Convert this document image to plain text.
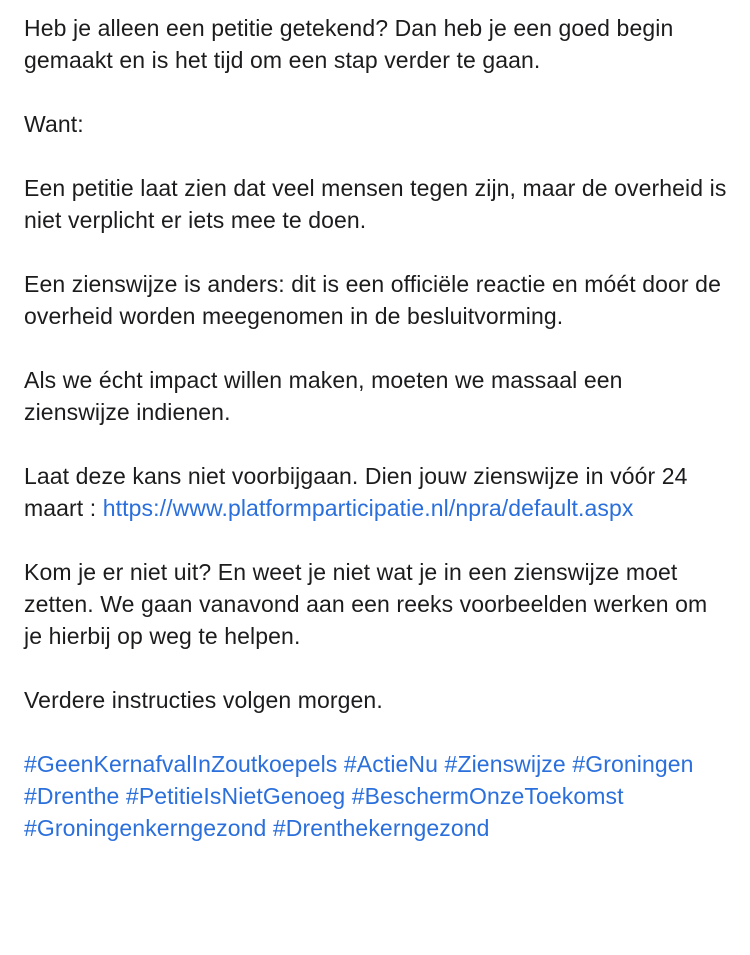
Heb je alleen een petitie getekend? Dan heb je een goed begin gemaakt en is het tijd om een stap verder te gaan.

Want:

Een petitie laat zien dat veel mensen tegen zijn, maar de overheid is niet verplicht er iets mee te doen.

Een zienswijze is anders: dit is een officiële reactie en móét door de overheid worden meegenomen in de besluitvorming.

Als we écht impact willen maken, moeten we massaal een zienswijze indienen.

Laat deze kans niet voorbijgaan. Dien jouw zienswijze in vóór 24 maart : https://www.platformparticipatie.nl/npra/default.aspx

Kom je er niet uit? En weet je niet wat je in een zienswijze moet zetten. We gaan vanavond aan een reeks voorbeelden werken om je hierbij op weg te helpen.

Verdere instructies volgen morgen.

#GeenKernafvalInZoutkoepels #ActieNu #Zienswijze #Groningen #Drenthe #PetitieIsNietGenoeg #BeschermOnzeToekomst #Groningenkerngezond #Drenthekerngezond
